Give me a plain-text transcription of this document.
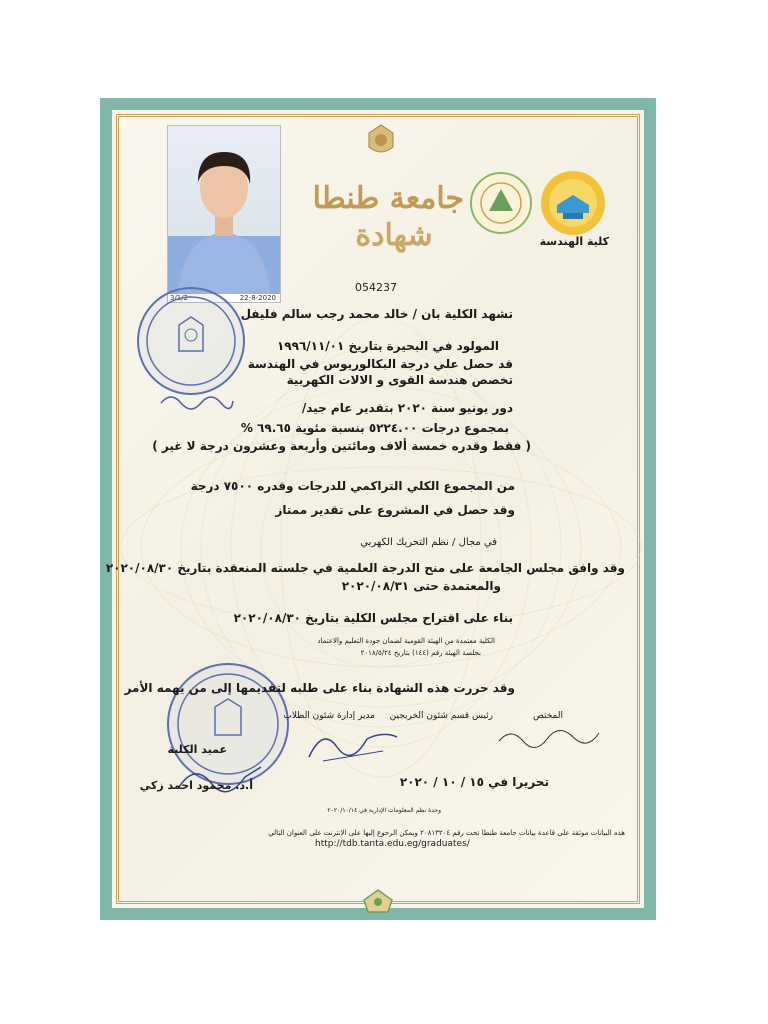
22-8-2020
3/1/2
جامعة طنطا
شهادة	كلية الهندسة
054237
تشهد الكلية بان / خالد محمد رجب سالم فليفل
المولود في البحيرة بتاريخ ١٩٩٦/١١/٠١
قد حصل علي درجة البكالوريوس في الهندسة
تخصص هندسة القوى و الالات الكهربية
دور يونيو سنة ٢٠٢٠ بتقدير عام جيد/
بمجموع درجات ٥٢٢٤.٠٠ بنسبة مئوية ٦٩.٦٥ %
( فقط وقدره خمسة ألاف ومائتين وأربعة وعشرون درجة لا غير )
من المجموع الكلي التراكمي للدرجات وقدره ٧٥٠٠ درجة
وقد حصل في المشروع على تقدير ممتاز
في مجال / نظم التحريك الكهربي
وقد وافق مجلس الجامعة على منح الدرجة العلمية في جلسته المنعقدة بتاريخ ٢٠٢٠/٠٨/٣٠
والمعتمدة حتى ٢٠٢٠/٠٨/٣١
بناء على اقتراح مجلس الكلية بتاريخ ٢٠٢٠/٠٨/٣٠
الكلية معتمدة من الهيئة القومية لضمان جودة التعليم والاعتماد
بجلسة الهيئة رقم (١٤٤) بتاريخ ٢٠١٨/٥/٢٤
وقد حررت هذه الشهادة بناء على طلبه لتقديمها إلى من يهمه الأمر
المختص
رئيس قسم شئون الخريجين
مدير إدارة شئون الطلاب
عميد الكلية
أ.د. محمود احمد زكي	تحريرا في ١٥ / ١٠ / ٢٠٢٠
وحدة نظم المعلومات الإدارية في ٢٠٢٠/١٠/١٤
هذه البيانات موثقة على قاعدة بيانات جامعة طنطا تحت رقم ٢٠٨١٣٢٠٤ ويمكن الرجوع إليها على الانترنت على العنوان التالي
http://tdb.tanta.edu.eg/graduates/
